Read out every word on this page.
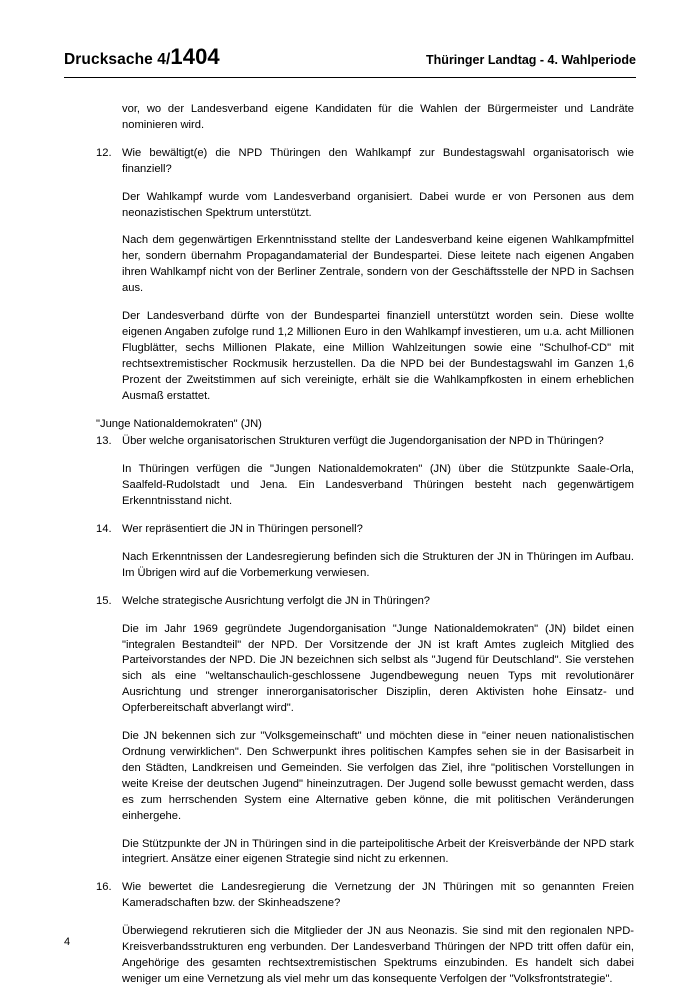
Drucksache 4/1404	Thüringer Landtag - 4. Wahlperiode

vor, wo der Landesverband eigene Kandidaten für die Wahlen der Bürgermeister und Landräte nominieren wird.

12. Wie bewältigt(e) die NPD Thüringen den Wahlkampf zur Bundestagswahl organisatorisch wie finanziell?

Der Wahlkampf wurde vom Landesverband organisiert. Dabei wurde er von Personen aus dem neonazistischen Spektrum unterstützt.

Nach dem gegenwärtigen Erkenntnisstand stellte der Landesverband keine eigenen Wahlkampfmittel her, sondern übernahm Propagandamaterial der Bundespartei. Diese leitete nach eigenen Angaben ihren Wahlkampf nicht von der Berliner Zentrale, sondern von der Geschäftsstelle der NPD in Sachsen aus.

Der Landesverband dürfte von der Bundespartei finanziell unterstützt worden sein. Diese wollte eigenen Angaben zufolge rund 1,2 Millionen Euro in den Wahlkampf investieren, um u.a. acht Millionen Flugblätter, sechs Millionen Plakate, eine Million Wahlzeitungen sowie eine "Schulhof-CD" mit rechtsextremistischer Rockmusik herzustellen. Da die NPD bei der Bundestagswahl im Ganzen 1,6 Prozent der Zweitstimmen auf sich vereinigte, erhält sie die Wahlkampfkosten in einem erheblichen Ausmaß erstattet.

"Junge Nationaldemokraten" (JN)

13. Über welche organisatorischen Strukturen verfügt die Jugendorganisation der NPD in Thüringen?

In Thüringen verfügen die "Jungen Nationaldemokraten" (JN) über die Stützpunkte Saale-Orla, Saalfeld-Rudolstadt und Jena. Ein Landesverband Thüringen besteht nach gegenwärtigem Erkenntnisstand nicht.

14. Wer repräsentiert die JN in Thüringen personell?

Nach Erkenntnissen der Landesregierung befinden sich die Strukturen der JN in Thüringen im Aufbau. Im Übrigen wird auf die Vorbemerkung verwiesen.

15. Welche strategische Ausrichtung verfolgt die JN in Thüringen?

Die im Jahr 1969 gegründete Jugendorganisation "Junge Nationaldemokraten" (JN) bildet einen "integralen Bestandteil" der NPD. Der Vorsitzende der JN ist kraft Amtes zugleich Mitglied des Parteivorstandes der NPD. Die JN bezeichnen sich selbst als "Jugend für Deutschland". Sie verstehen sich als eine "weltanschaulich-geschlossene Jugendbewegung neuen Typs mit revolutionärer Ausrichtung und strenger innerorganisatorischer Disziplin, deren Aktivisten hohe Einsatz- und Opferbereitschaft abverlangt wird".

Die JN bekennen sich zur "Volksgemeinschaft" und möchten diese in "einer neuen nationalistischen Ordnung verwirklichen". Den Schwerpunkt ihres politischen Kampfes sehen sie in der Basisarbeit in den Städten, Landkreisen und Gemeinden. Sie verfolgen das Ziel, ihre "politischen Vorstellungen in weite Kreise der deutschen Jugend" hineinzutragen. Der Jugend solle bewusst gemacht werden, dass es zum herrschenden System eine Alternative geben könne, die mit politischen Veränderungen einhergehe.

Die Stützpunkte der JN in Thüringen sind in die parteipolitische Arbeit der Kreisverbände der NPD stark integriert. Ansätze einer eigenen Strategie sind nicht zu erkennen.

16. Wie bewertet die Landesregierung die Vernetzung der JN Thüringen mit so genannten Freien Kameradschaften bzw. der Skinheadszene?

Überwiegend rekrutieren sich die Mitglieder der JN aus Neonazis. Sie sind mit den regionalen NPD-Kreisverbandsstrukturen eng verbunden. Der Landesverband Thüringen der NPD tritt offen dafür ein, Angehörige des gesamten rechtsextremistischen Spektrums einzubinden. Es handelt sich dabei weniger um eine Vernetzung als viel mehr um das konsequente Verfolgen der "Volksfrontstrategie".

4
